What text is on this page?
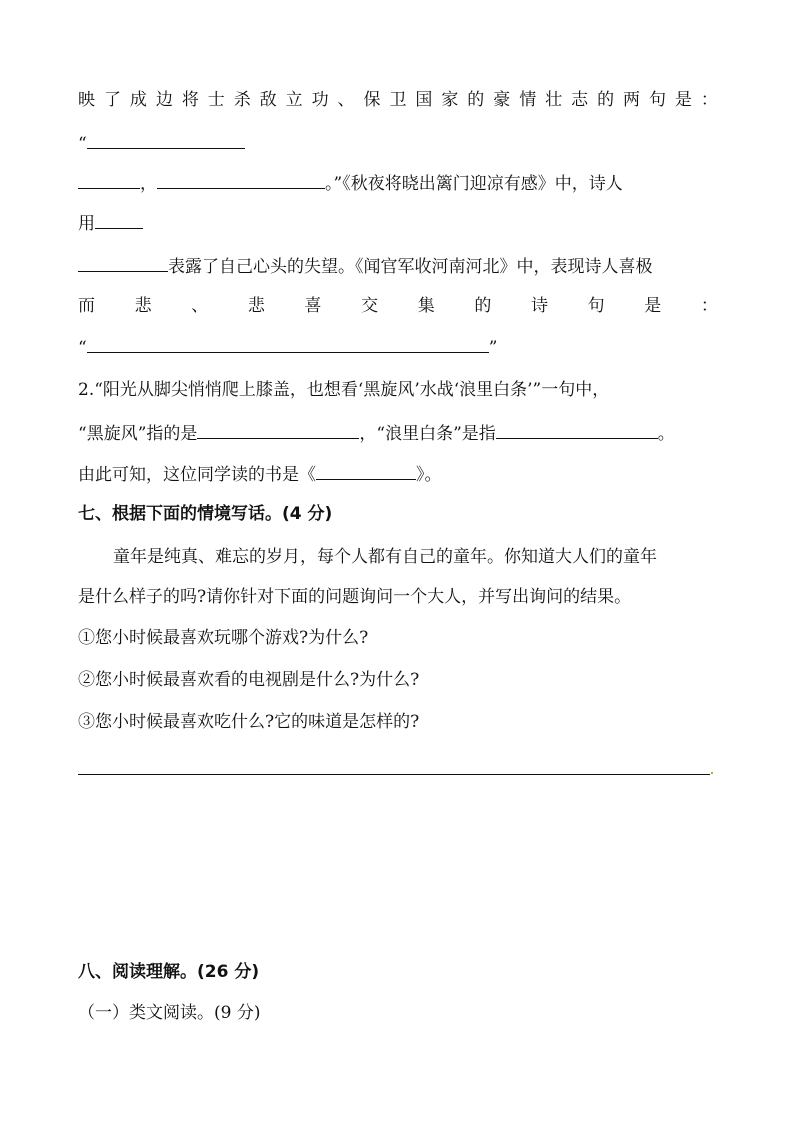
映 了 成 边 将 士 杀 敌 立 功 、 保 卫 国 家 的 豪 情 壮 志 的 两 句 是 ：
“
，	。”《秋夜将晓出篱门迎凉有感》中，诗人
用
表露了自己心头的失望。《闻官军收河南河北》中，表现诗人喜极
而 悲 、 悲 喜 交 集 的 诗 句 是 ：
“	”
2.“阳光从脚尖悄悄爬上膝盖，也想看‘黑旋风’水战‘浪里白条’”一句中，
“黑旋风”指的是	，“浪里白条”是指	。
由此可知，这位同学读的书是《	》。
七、根据下面的情境写话。(4 分)
童年是纯真、难忘的岁月，每个人都有自己的童年。你知道大人们的童年
是什么样子的吗?请你针对下面的问题询问一个大人，并写出询问的结果。
①您小时候最喜欢玩哪个游戏?为什么?
②您小时候最喜欢看的电视剧是什么?为什么?
③您小时候最喜欢吃什么?它的味道是怎样的?
八、阅读理解。(26 分)
（一）类文阅读。(9 分)
